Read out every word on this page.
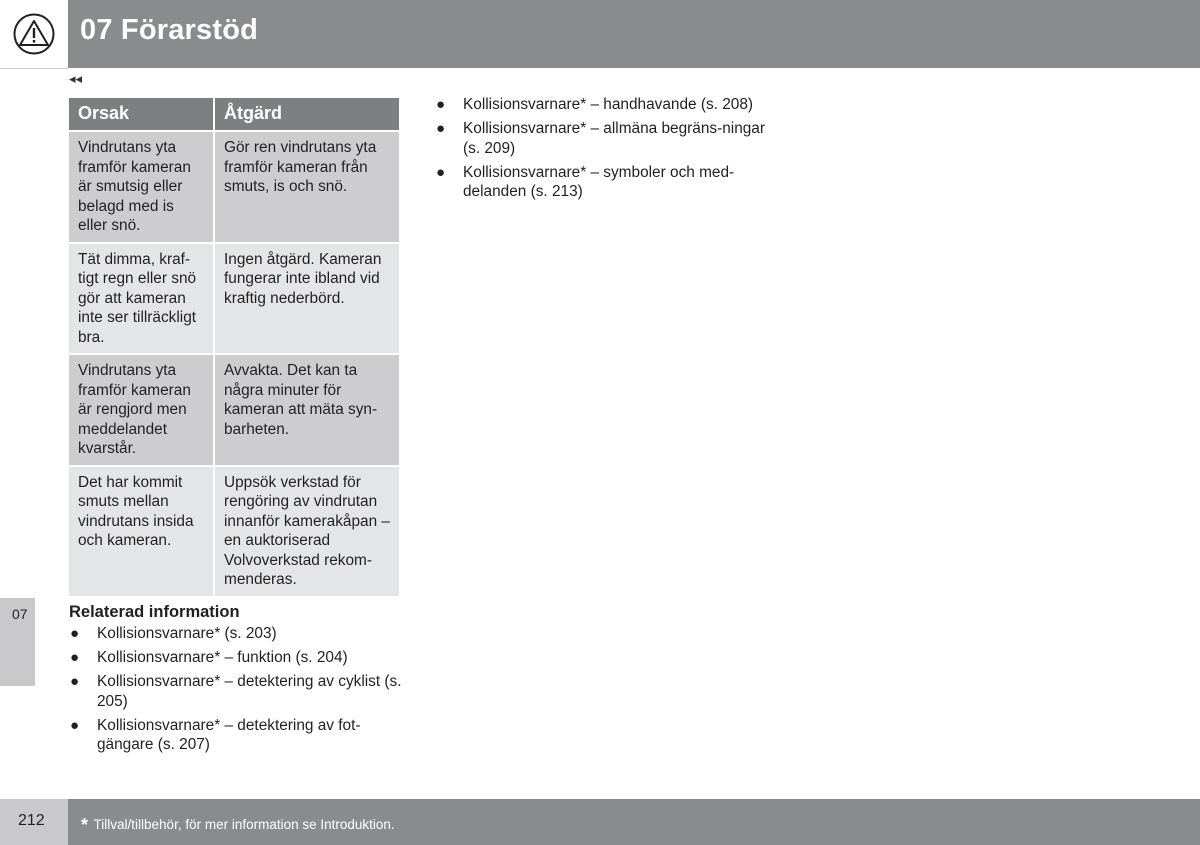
07 Förarstöd
◂◂
Orsak	Åtgärd
Vindrutans yta framför kameran är smutsig eller belagd med is eller snö.
Gör ren vindrutans yta framför kameran från smuts, is och snö.
Tät dimma, kraf-tigt regn eller snö gör att kameran inte ser tillräckligt bra.
Ingen åtgärd. Kameran fungerar inte ibland vid kraftig nederbörd.
Vindrutans yta framför kameran är rengjord men meddelandet kvarstår.
Avvakta. Det kan ta några minuter för kameran att mäta syn-barheten.
Det har kommit smuts mellan vindrutans insida och kameran.
Uppsök verkstad för rengöring av vindrutan innanför kamerakåpan – en auktoriserad Volvoverkstad rekom-menderas.
07	Relaterad information
● Kollisionsvarnare* (s. 203)
● Kollisionsvarnare* – funktion (s. 204)
● Kollisionsvarnare* – detektering av cyklist (s. 205)
● Kollisionsvarnare* – detektering av fot-gängare (s. 207)
● Kollisionsvarnare* – handhavande (s. 208)
● Kollisionsvarnare* – allmäna begräns-ningar (s. 209)
● Kollisionsvarnare* – symboler och med-delanden (s. 213)
212 * Tillval/tillbehör, för mer information se Introduktion.
